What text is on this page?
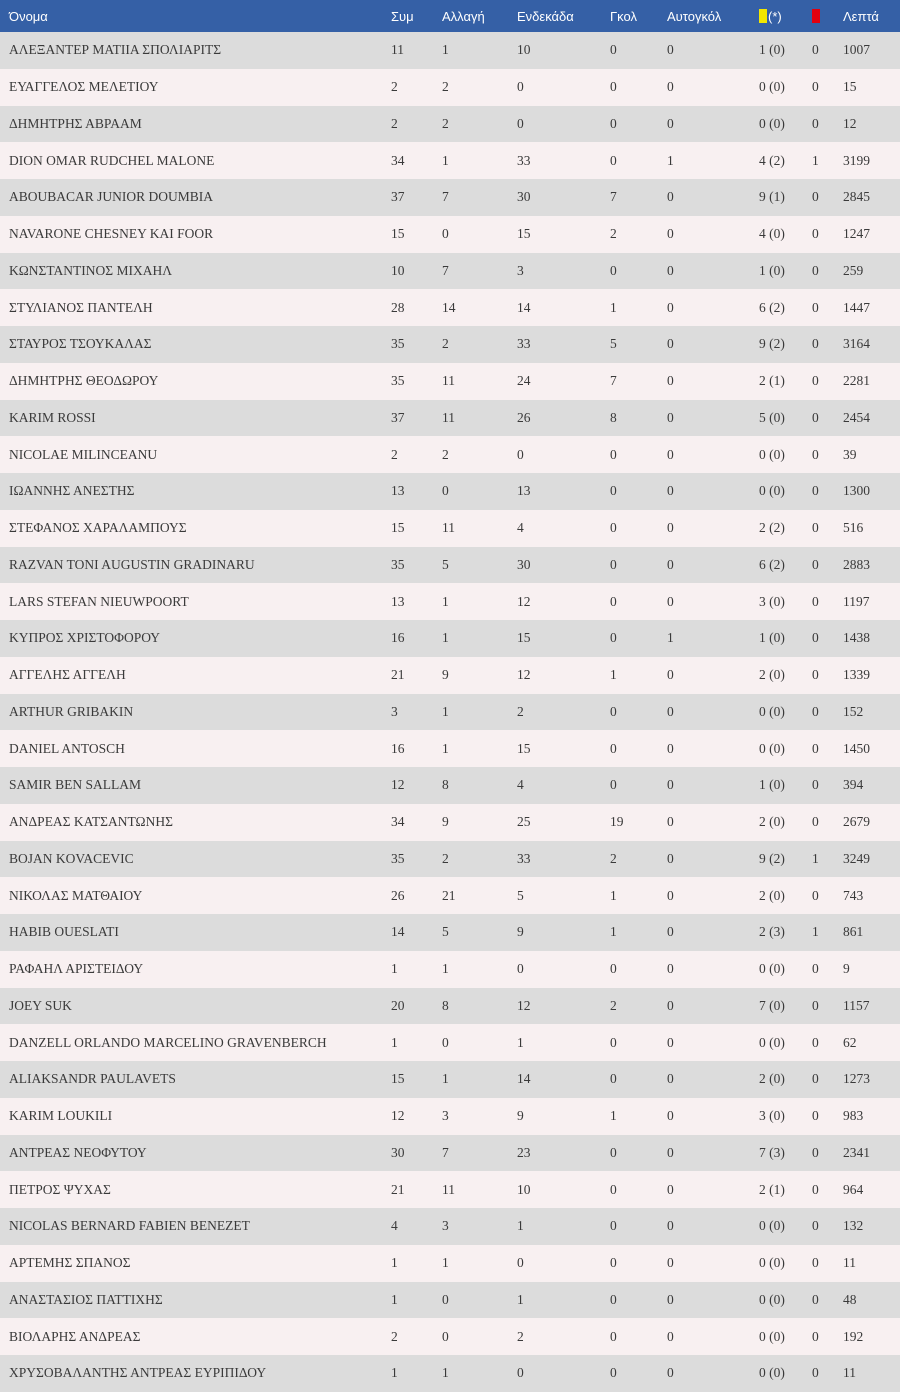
Όνομα	Συμ	Αλλαγή	Ενδεκάδα	Γκολ	Αυτογκόλ	(*)		Λεπτά
ΑΛΕΞΑΝΤΕΡ ΜΑΤΙΙΑ ΣΠΟΛΙΑΡΙΤΣ	11	1	10	0	0	1 (0)	0	1007
ΕΥΑΓΓΕΛΟΣ ΜΕΛΕΤΙΟΥ	2	2	0	0	0	0 (0)	0	15
ΔΗΜΗΤΡΗΣ ΑΒΡΑΑΜ	2	2	0	0	0	0 (0)	0	12
DION OMAR RUDCHEL MALONE	34	1	33	0	1	4 (2)	1	3199
ABOUBACAR JUNIOR DOUMBIA	37	7	30	7	0	9 (1)	0	2845
NAVARONE CHESNEY KAI FOOR	15	0	15	2	0	4 (0)	0	1247
ΚΩΝΣΤΑΝΤΙΝΟΣ ΜΙΧΑΗΛ	10	7	3	0	0	1 (0)	0	259
ΣΤΥΛΙΑΝΟΣ ΠΑΝΤΕΛΗ	28	14	14	1	0	6 (2)	0	1447
ΣΤΑΥΡΟΣ ΤΣΟΥΚΑΛΑΣ	35	2	33	5	0	9 (2)	0	3164
ΔΗΜΗΤΡΗΣ ΘΕΟΔΩΡΟΥ	35	11	24	7	0	2 (1)	0	2281
KARIM ROSSI	37	11	26	8	0	5 (0)	0	2454
NICOLAE MILINCEANU	2	2	0	0	0	0 (0)	0	39
ΙΩΑΝΝΗΣ ΑΝΕΣΤΗΣ	13	0	13	0	0	0 (0)	0	1300
ΣΤΕΦΑΝΟΣ ΧΑΡΑΛΑΜΠΟΥΣ	15	11	4	0	0	2 (2)	0	516
RAZVAN TONI AUGUSTIN GRADINARU	35	5	30	0	0	6 (2)	0	2883
LARS STEFAN NIEUWPOORT	13	1	12	0	0	3 (0)	0	1197
ΚΥΠΡΟΣ ΧΡΙΣΤΟΦΟΡΟΥ	16	1	15	0	1	1 (0)	0	1438
ΑΓΓΕΛΗΣ ΑΓΓΕΛΗ	21	9	12	1	0	2 (0)	0	1339
ARTHUR GRIBAKIN	3	1	2	0	0	0 (0)	0	152
DANIEL ANTOSCH	16	1	15	0	0	0 (0)	0	1450
SAMIR BEN SALLAM	12	8	4	0	0	1 (0)	0	394
ΑΝΔΡΕΑΣ ΚΑΤΣΑΝΤΩΝΗΣ	34	9	25	19	0	2 (0)	0	2679
BOJAN KOVACEVIC	35	2	33	2	0	9 (2)	1	3249
ΝΙΚΟΛΑΣ ΜΑΤΘΑΙΟΥ	26	21	5	1	0	2 (0)	0	743
HABIB OUESLATI	14	5	9	1	0	2 (3)	1	861
ΡΑΦΑΗΛ ΑΡΙΣΤΕΙΔΟΥ	1	1	0	0	0	0 (0)	0	9
JOEY SUK	20	8	12	2	0	7 (0)	0	1157
DANZELL ORLANDO MARCELINO GRAVENBERCH	1	0	1	0	0	0 (0)	0	62
ALIAKSANDR PAULAVETS	15	1	14	0	0	2 (0)	0	1273
KARIM LOUKILI	12	3	9	1	0	3 (0)	0	983
ΑΝΤΡΕΑΣ ΝΕΟΦΥΤΟΥ	30	7	23	0	0	7 (3)	0	2341
ΠΕΤΡΟΣ ΨΥΧΑΣ	21	11	10	0	0	2 (1)	0	964
NICOLAS BERNARD FABIEN BENEZET	4	3	1	0	0	0 (0)	0	132
ΑΡΤΕΜΗΣ ΣΠΑΝΟΣ	1	1	0	0	0	0 (0)	0	11
ΑΝΑΣΤΑΣΙΟΣ ΠΑΤΤΙΧΗΣ	1	0	1	0	0	0 (0)	0	48
ΒΙΟΛΑΡΗΣ ΑΝΔΡΕΑΣ	2	0	2	0	0	0 (0)	0	192
ΧΡΥΣΟΒΑΛΑΝΤΗΣ ΑΝΤΡΕΑΣ ΕΥΡΙΠΙΔΟΥ	1	1	0	0	0	0 (0)	0	11
